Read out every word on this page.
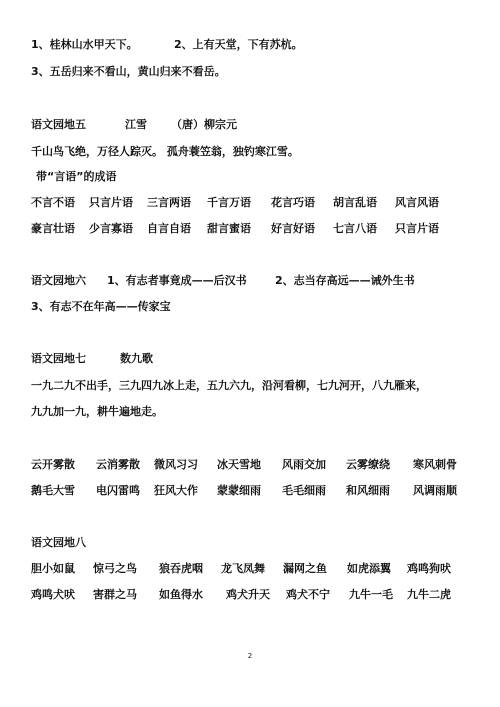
1、桂林山水甲天下。	2、上有天堂，下有苏杭。
3、五岳归来不看山，黄山归来不看岳。
语文园地五	江雪 （唐）柳宗元
千山鸟飞绝，万径人踪灭。 孤舟蓑笠翁，独钓寒江雪。
带“言语”的成语
不言不语 只言片语 三言两语 千言万语 花言巧语 胡言乱语 风言风语
豪言壮语 少言寡语 自言自语 甜言蜜语 好言好语 七言八语 只言片语
语文园地六 1、有志者事竟成——后汉书	2、志当存高远——诫外生书
3、有志不在年高——传家宝
语文园地七	数九歌
一九二九不出手，三九四九冰上走，五九六九，沿河看柳，七九河开，八九雁来，
九九加一九，耕牛遍地走。
云开雾散 云消雾散 微风习习 冰天雪地 风雨交加 云雾缭绕 寒风刺骨
鹅毛大雪 电闪雷鸣 狂风大作 蒙蒙细雨 毛毛细雨 和风细雨 风调雨顺
语文园地八
胆小如鼠 惊弓之鸟 狼吞虎咽 龙飞凤舞 漏网之鱼 如虎添翼 鸡鸣狗吠
鸡鸣犬吠 害群之马 如鱼得水 鸡犬升天 鸡犬不宁 九牛一毛 九牛二虎
2
